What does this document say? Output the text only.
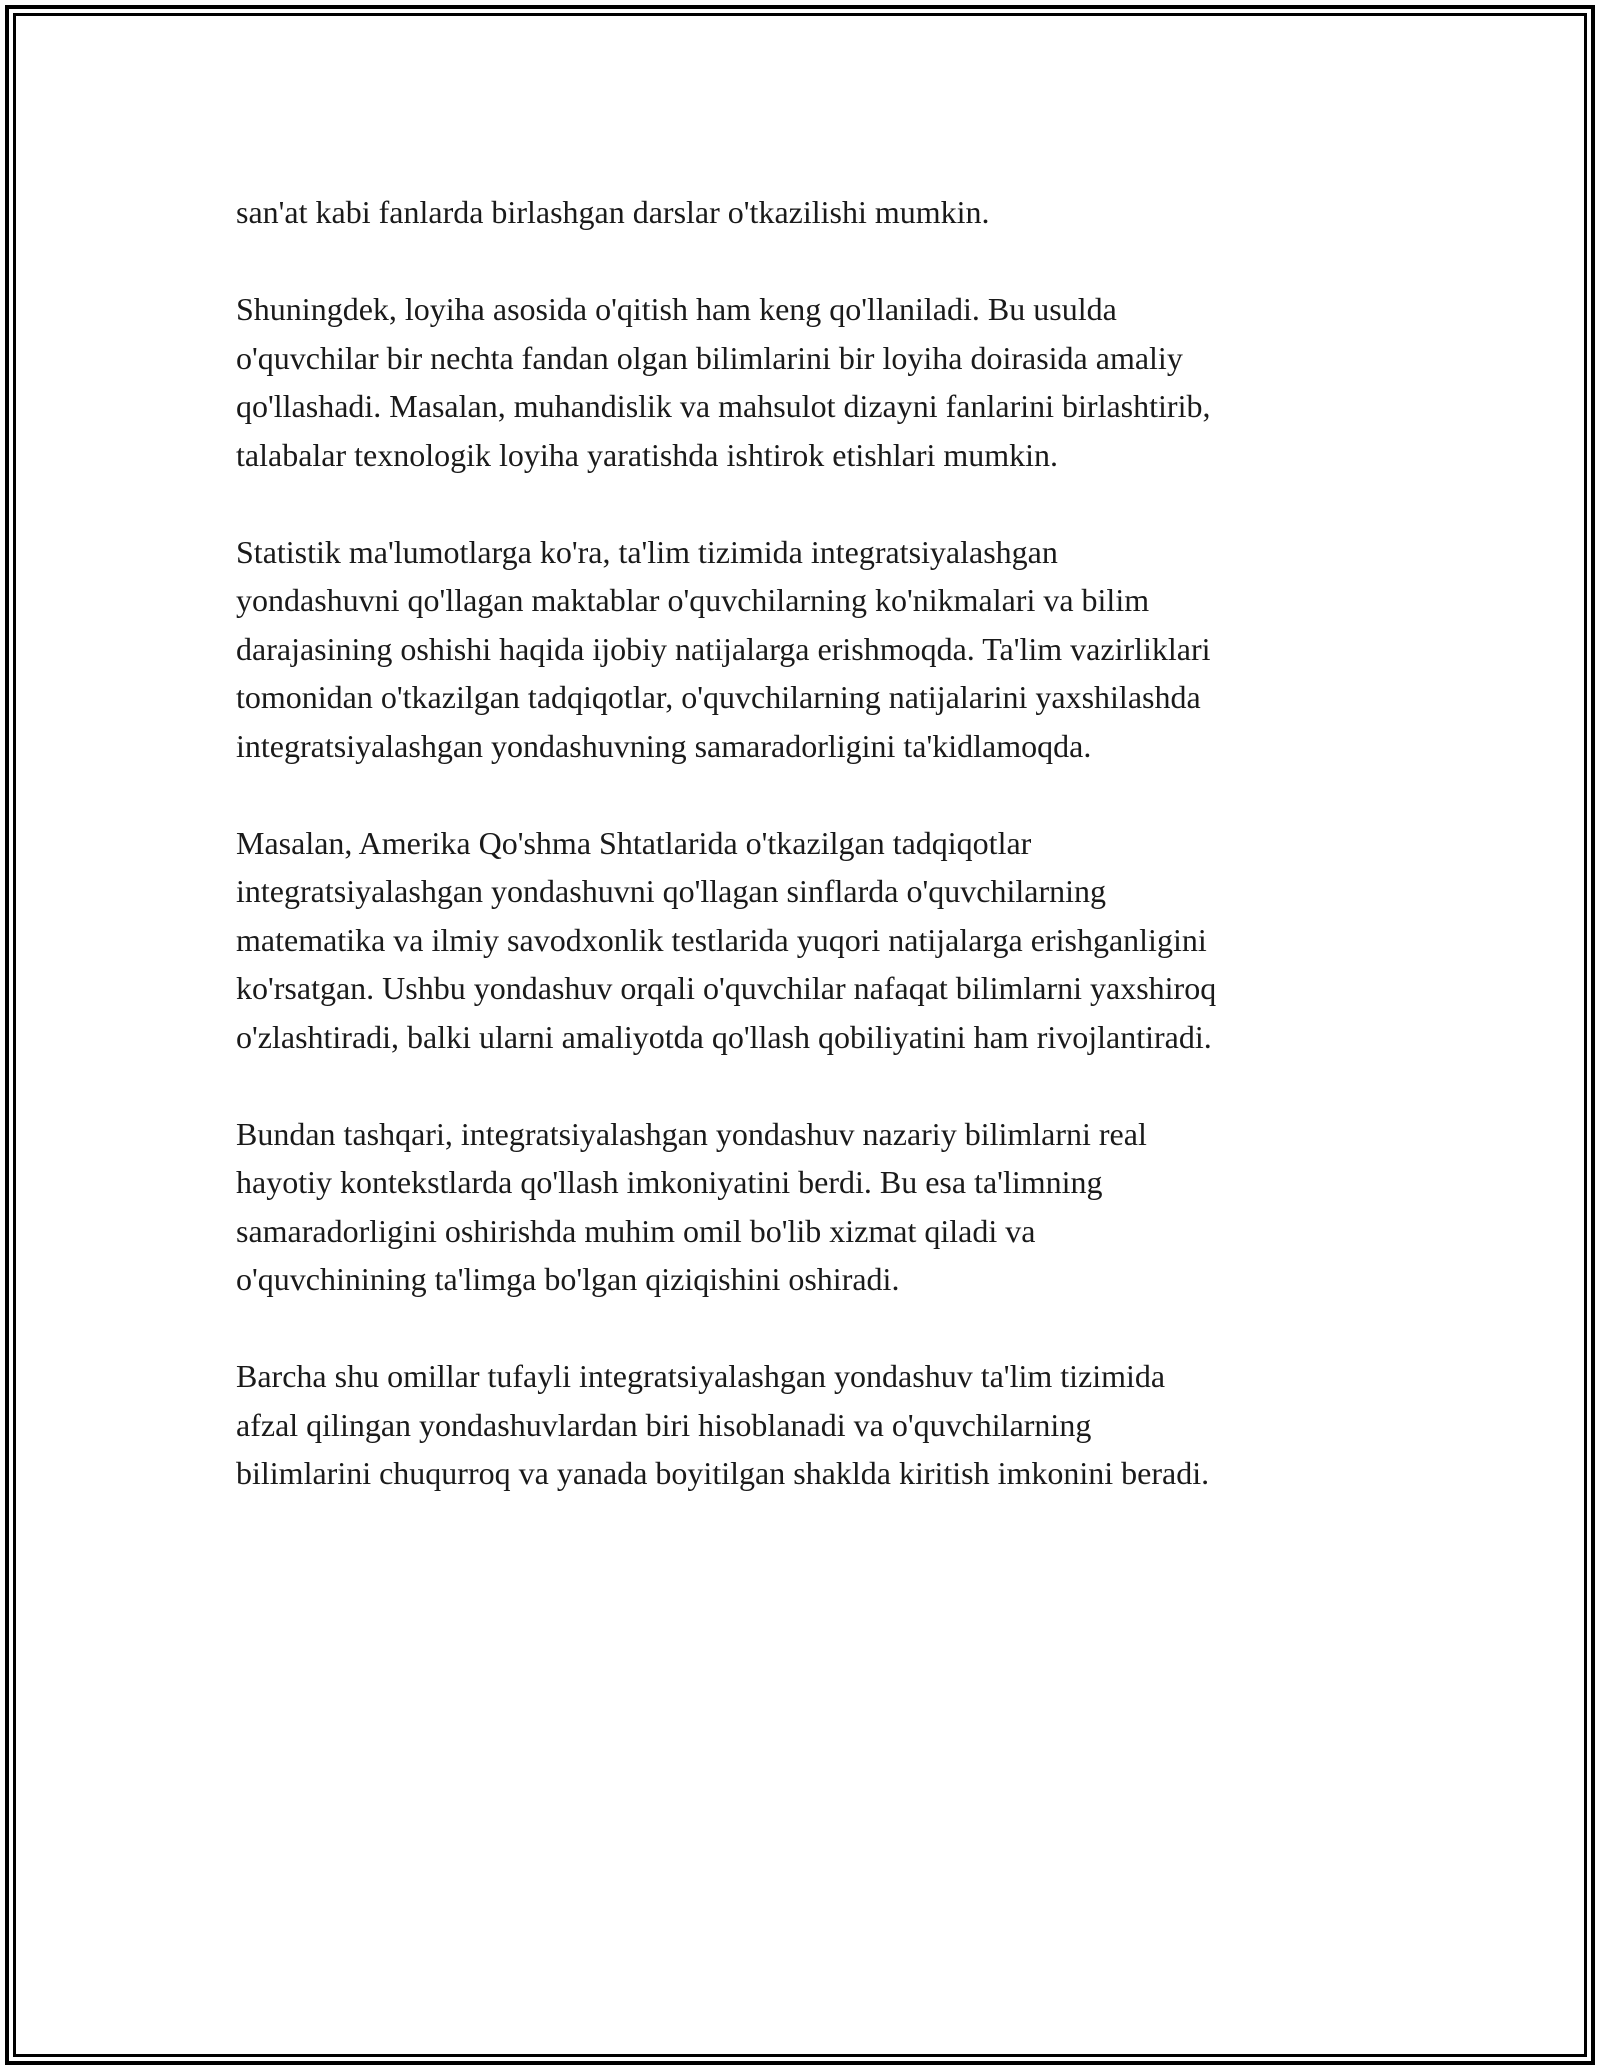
san'at kabi fanlarda birlashgan darslar o'tkazilishi mumkin.

Shuningdek, loyiha asosida o'qitish ham keng qo'llaniladi. Bu usulda
o'quvchilar bir nechta fandan olgan bilimlarini bir loyiha doirasida amaliy
qo'llashadi. Masalan, muhandislik va mahsulot dizayni fanlarini birlashtirib,
talabalar texnologik loyiha yaratishda ishtirok etishlari mumkin.

Statistik ma'lumotlarga ko'ra, ta'lim tizimida integratsiyalashgan
yondashuvni qo'llagan maktablar o'quvchilarning ko'nikmalari va bilim
darajasining oshishi haqida ijobiy natijalarga erishmoqda. Ta'lim vazirliklari
tomonidan o'tkazilgan tadqiqotlar, o'quvchilarning natijalarini yaxshilashda
integratsiyalashgan yondashuvning samaradorligini ta'kidlamoqda.

Masalan, Amerika Qo'shma Shtatlarida o'tkazilgan tadqiqotlar
integratsiyalashgan yondashuvni qo'llagan sinflarda o'quvchilarning
matematika va ilmiy savodxonlik testlarida yuqori natijalarga erishganligini
ko'rsatgan. Ushbu yondashuv orqali o'quvchilar nafaqat bilimlarni yaxshiroq
o'zlashtiradi, balki ularni amaliyotda qo'llash qobiliyatini ham rivojlantiradi.

Bundan tashqari, integratsiyalashgan yondashuv nazariy bilimlarni real
hayotiy kontekstlarda qo'llash imkoniyatini berdi. Bu esa ta'limning
samaradorligini oshirishda muhim omil bo'lib xizmat qiladi va
o'quvchinining ta'limga bo'lgan qiziqishini oshiradi.

Barcha shu omillar tufayli integratsiyalashgan yondashuv ta'lim tizimida
afzal qilingan yondashuvlardan biri hisoblanadi va o'quvchilarning
bilimlarini chuqurroq va yanada boyitilgan shaklda kiritish imkonini beradi.
